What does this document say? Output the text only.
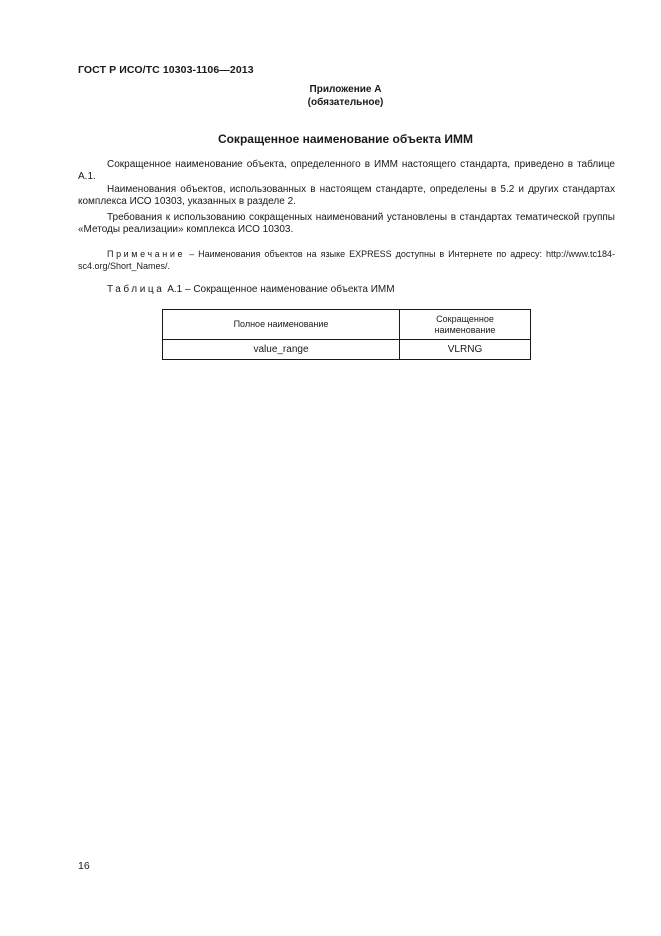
ГОСТ Р ИСО/ТС 10303-1106—2013
Приложение А
(обязательное)
Сокращенное наименование объекта ИММ

Сокращенное наименование объекта, определенного в ИММ настоящего стандарта, приведено в таблице А.1.

Наименования объектов, использованных в настоящем стандарте, определены в 5.2 и других стандартах комплекса ИСО 10303, указанных в разделе 2.

Требования к использованию сокращенных наименований установлены в стандартах тематической группы «Методы реализации» комплекса ИСО 10303.

Примечание – Наименования объектов на языке EXPRESS доступны в Интернете по адресу: http://www.tc184-sc4.org/Short_Names/.
Таблица А.1 – Сокращенное наименование объекта ИММ
Полное наименование	Сокращенное наименование
value_range	VLRNG
16
